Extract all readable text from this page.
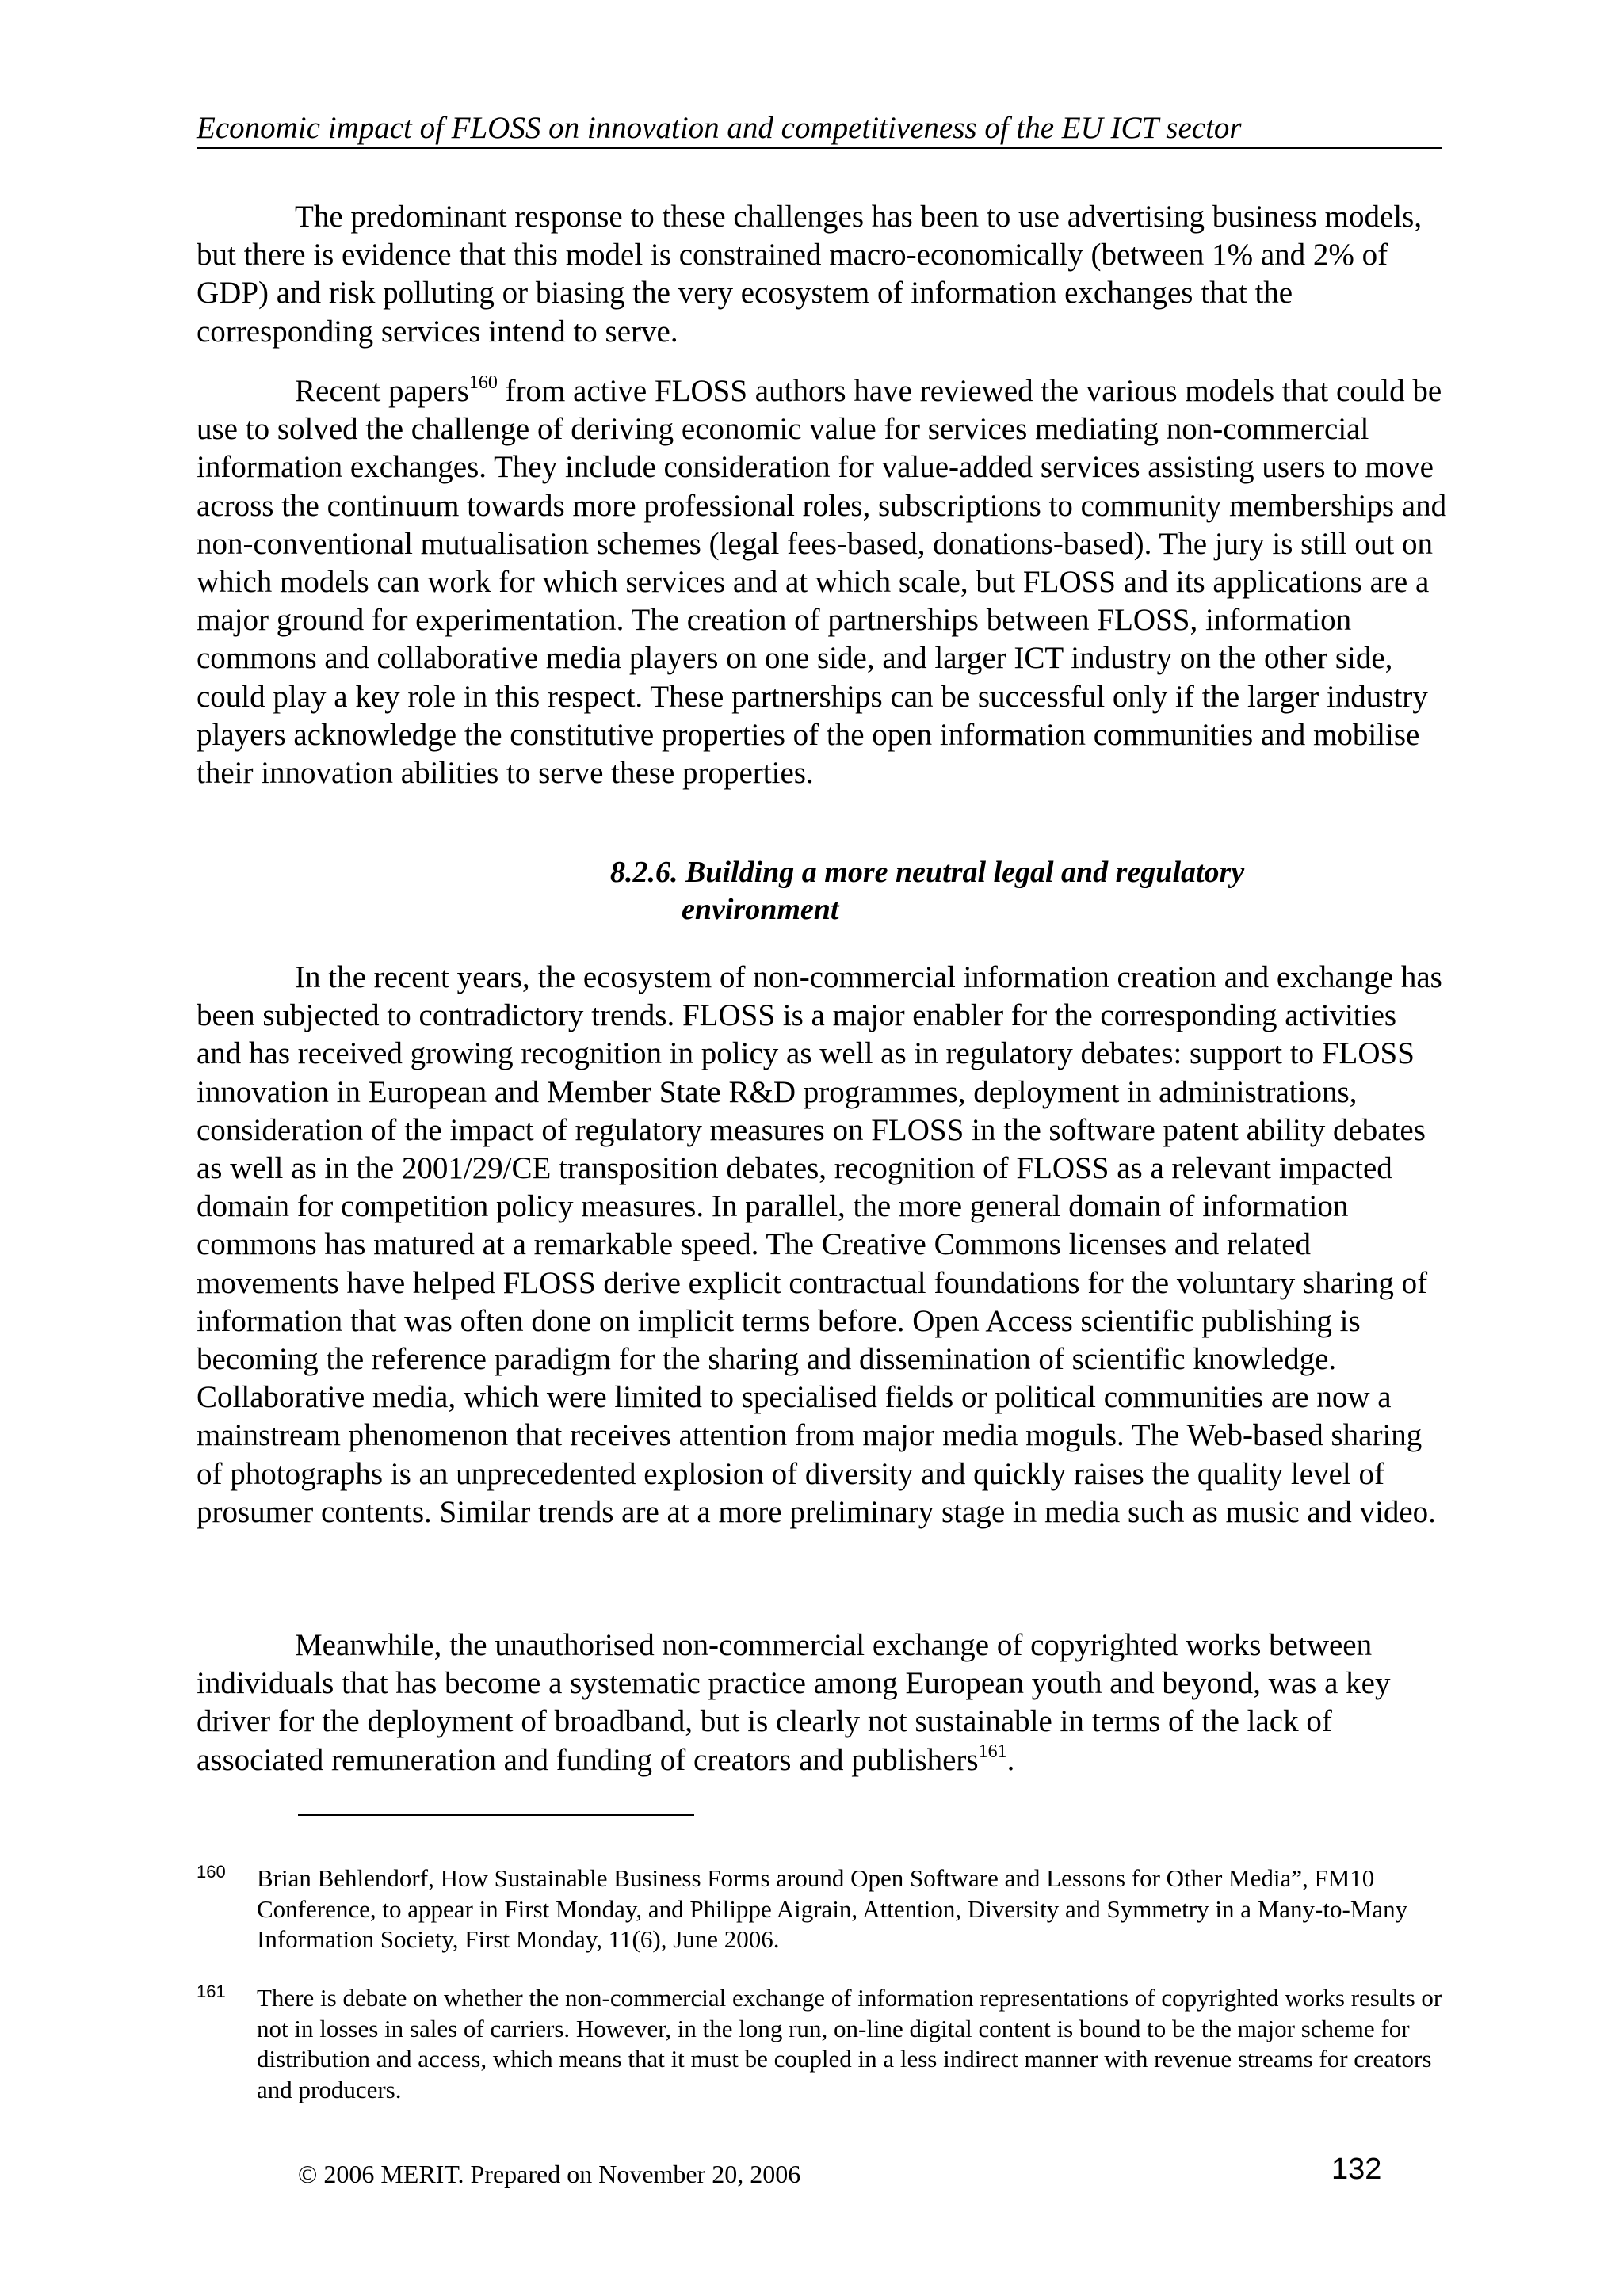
Economic impact of FLOSS on innovation and competitiveness of the EU ICT sector

The predominant response to these challenges has been to use advertising business models, but there is evidence that this model is constrained macro-economically (between 1% and 2% of GDP) and risk polluting or biasing the very ecosystem of information exchanges that the corresponding services intend to serve.

Recent papers$^{160}$ from active FLOSS authors have reviewed the various models that could be use to solved the challenge of deriving economic value for services mediating non-commercial information exchanges. They include consideration for value-added services assisting users to move across the continuum towards more professional roles, subscriptions to community memberships and non-conventional mutualisation schemes (legal fees-based, donations-based). The jury is still out on which models can work for which services and at which scale, but FLOSS and its applications are a major ground for experimentation. The creation of partnerships between FLOSS, information commons and collaborative media players on one side, and larger ICT industry on the other side, could play a key role in this respect. These partnerships can be successful only if the larger industry players acknowledge the constitutive properties of the open information communities and mobilise their innovation abilities to serve these properties.

8.2.6. Building a more neutral legal and regulatory
environment

In the recent years, the ecosystem of non-commercial information creation and exchange has been subjected to contradictory trends. FLOSS is a major enabler for the corresponding activities and has received growing recognition in policy as well as in regulatory debates: support to FLOSS innovation in European and Member State R&D programmes, deployment in administrations, consideration of the impact of regulatory measures on FLOSS in the software patent ability debates as well as in the 2001/29/CE transposition debates, recognition of FLOSS as a relevant impacted domain for competition policy measures. In parallel, the more general domain of information commons has matured at a remarkable speed. The Creative Commons licenses and related movements have helped FLOSS derive explicit contractual foundations for the voluntary sharing of information that was often done on implicit terms before. Open Access scientific publishing is becoming the reference paradigm for the sharing and dissemination of scientific knowledge. Collaborative media, which were limited to specialised fields or political communities are now a mainstream phenomenon that receives attention from major media moguls. The Web-based sharing of photographs is an unprecedented explosion of diversity and quickly raises the quality level of prosumer contents. Similar trends are at a more preliminary stage in media such as music and video.

Meanwhile, the unauthorised non-commercial exchange of copyrighted works between individuals that has become a systematic practice among European youth and beyond, was a key driver for the deployment of broadband, but is clearly not sustainable in terms of the lack of associated remuneration and funding of creators and publishers$^{161}$.

160 Brian Behlendorf, How Sustainable Business Forms around Open Software and Lessons for Other Media”, FM10 Conference, to appear in First Monday, and Philippe Aigrain, Attention, Diversity and Symmetry in a Many-to-Many Information Society, First Monday, 11(6), June 2006.
161 There is debate on whether the non-commercial exchange of information representations of copyrighted works results or not in losses in sales of carriers. However, in the long run, on-line digital content is bound to be the major scheme for distribution and access, which means that it must be coupled in a less indirect manner with revenue streams for creators and producers.
© 2006 MERIT. Prepared on November 20, 2006	132
